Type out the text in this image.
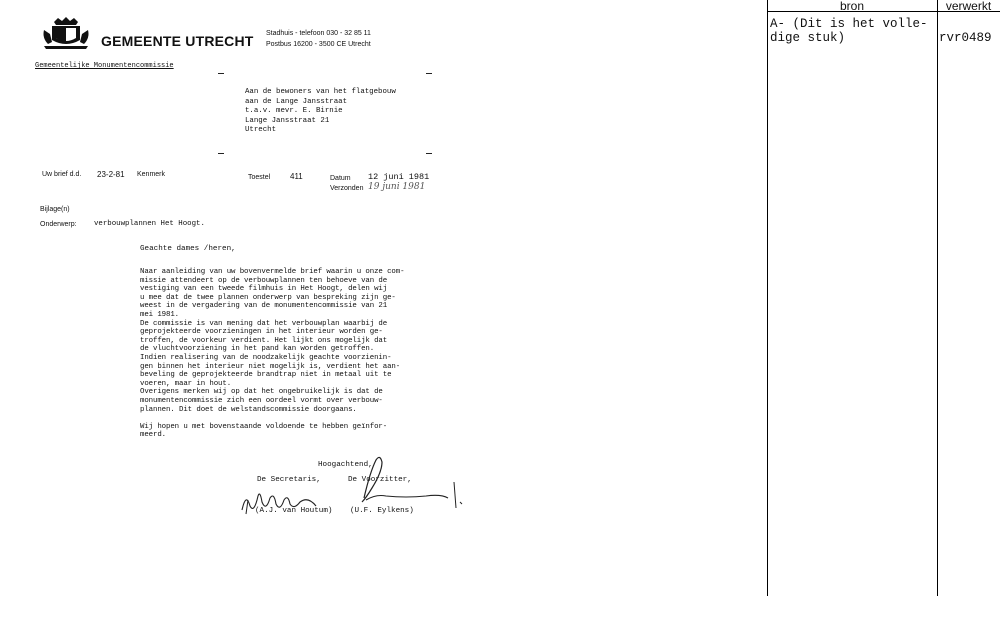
GEMEENTE UTRECHT Stadhuis - telefoon 030 - 32 85 11
Postbus 16200 - 3500 CE Utrecht
Gemeentelijke Monumentencommissie
Aan de bewoners van het flatgebouw
aan de Lange Jansstraat
t.a.v. mevr. E. Birnie
Lange Jansstraat 21
Utrecht
Uw brief d.d. 23-2-81 Kenmerk	Toestel 411	Datum 12 juni 1981
Verzonden 19 juni 1981
Bijlage(n)
Onderwerp: verbouwplannen Het Hoogt.
Geachte dames /heren,
Naar aanleiding van uw bovenvermelde brief waarin u onze com-
missie attendeert op de verbouwplannen ten behoeve van de
vestiging van een tweede filmhuis in Het Hoogt, delen wij
u mee dat de twee plannen onderwerp van bespreking zijn ge-
weest in de vergadering van de monumentencommissie van 21
mei 1981.
De commissie is van mening dat het verbouwplan waarbij de
geprojekteerde voorzieningen in het interieur worden ge-
troffen, de voorkeur verdient. Het lijkt ons mogelijk dat
de vluchtvoorziening in het pand kan worden getroffen.
Indien realisering van de noodzakelijk geachte voorzienin-
gen binnen het interieur niet mogelijk is, verdient het aan-
beveling de geprojekteerde brandtrap niet in metaal uit te
voeren, maar in hout.
Overigens merken wij op dat het ongebruikelijk is dat de
monumentencommissie zich een oordeel vormt over verbouw-
plannen. Dit doet de welstandscommissie doorgaans.
Wij hopen u met bovenstaande voldoende te hebben geïnfor-
meerd.
Hoogachtend,
De Secretaris,	De Voorzitter,
(A.J. van Houtum) (U.F. Eylkens)
bron	verwerkt
A- (Dit is het volle-
dige stuk)	rvr0489
